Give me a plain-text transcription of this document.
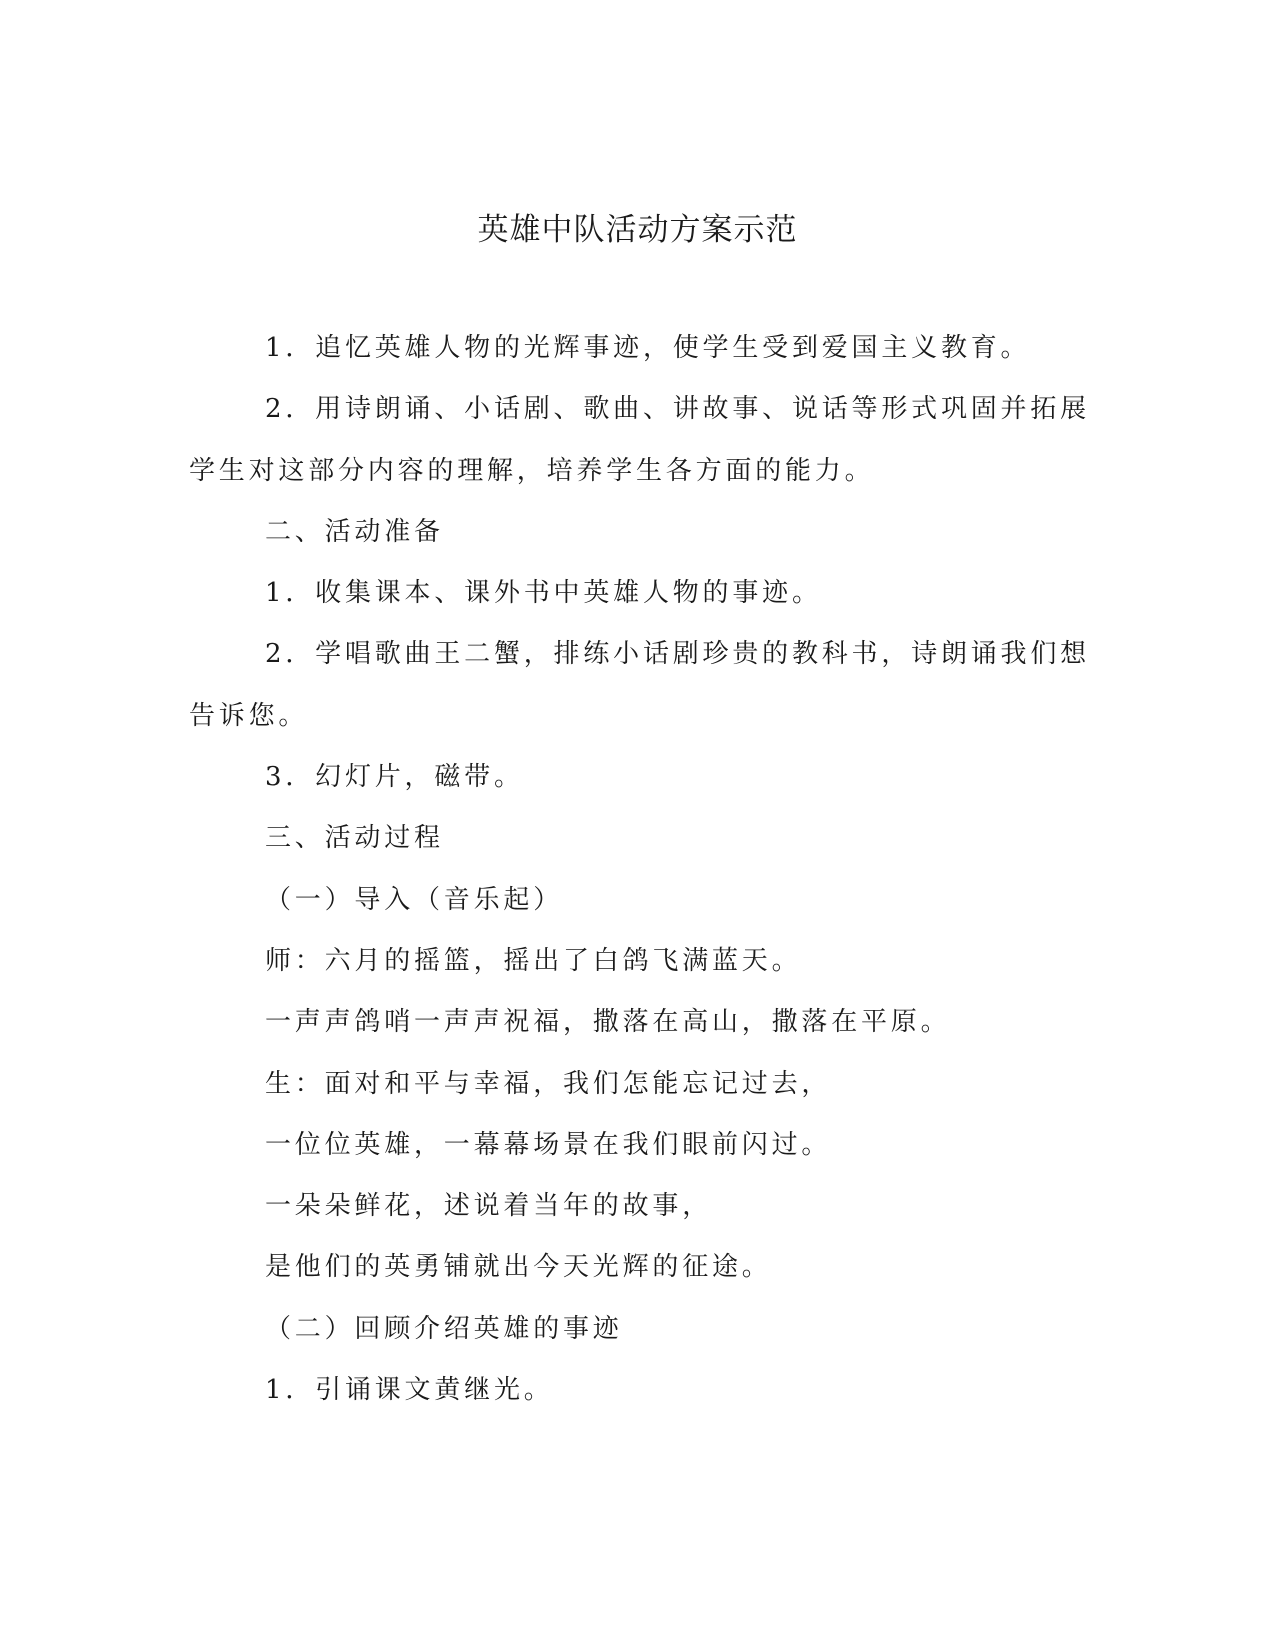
英雄中队活动方案示范

1．追忆英雄人物的光辉事迹，使学生受到爱国主义教育。

2．用诗朗诵、小话剧、歌曲、讲故事、说话等形式巩固并拓展

学生对这部分内容的理解，培养学生各方面的能力。

二、活动准备

1．收集课本、课外书中英雄人物的事迹。

2．学唱歌曲王二蟹，排练小话剧珍贵的教科书，诗朗诵我们想

告诉您。

3．幻灯片，磁带。

三、活动过程

（一）导入（音乐起）

师：六月的摇篮，摇出了白鸽飞满蓝天。

一声声鸽哨一声声祝福，撒落在高山，撒落在平原。

生：面对和平与幸福，我们怎能忘记过去，

一位位英雄，一幕幕场景在我们眼前闪过。

一朵朵鲜花，述说着当年的故事，

是他们的英勇铺就出今天光辉的征途。

（二）回顾介绍英雄的事迹

1．引诵课文黄继光。
